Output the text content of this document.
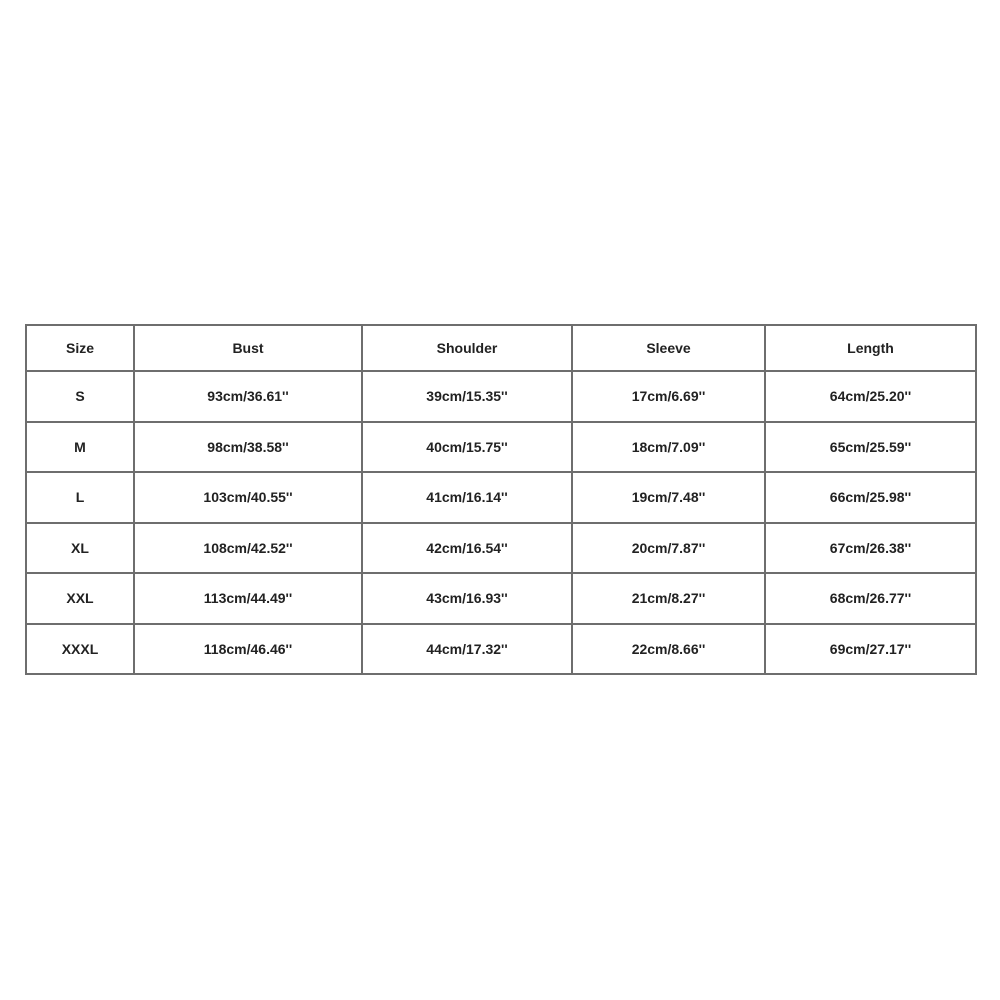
Size	Bust	Shoulder	Sleeve	Length
S	93cm/36.61''	39cm/15.35''	17cm/6.69''	64cm/25.20''
M	98cm/38.58''	40cm/15.75''	18cm/7.09''	65cm/25.59''
L	103cm/40.55''	41cm/16.14''	19cm/7.48''	66cm/25.98''
XL	108cm/42.52''	42cm/16.54''	20cm/7.87''	67cm/26.38''
XXL	113cm/44.49''	43cm/16.93''	21cm/8.27''	68cm/26.77''
XXXL	118cm/46.46''	44cm/17.32''	22cm/8.66''	69cm/27.17''
